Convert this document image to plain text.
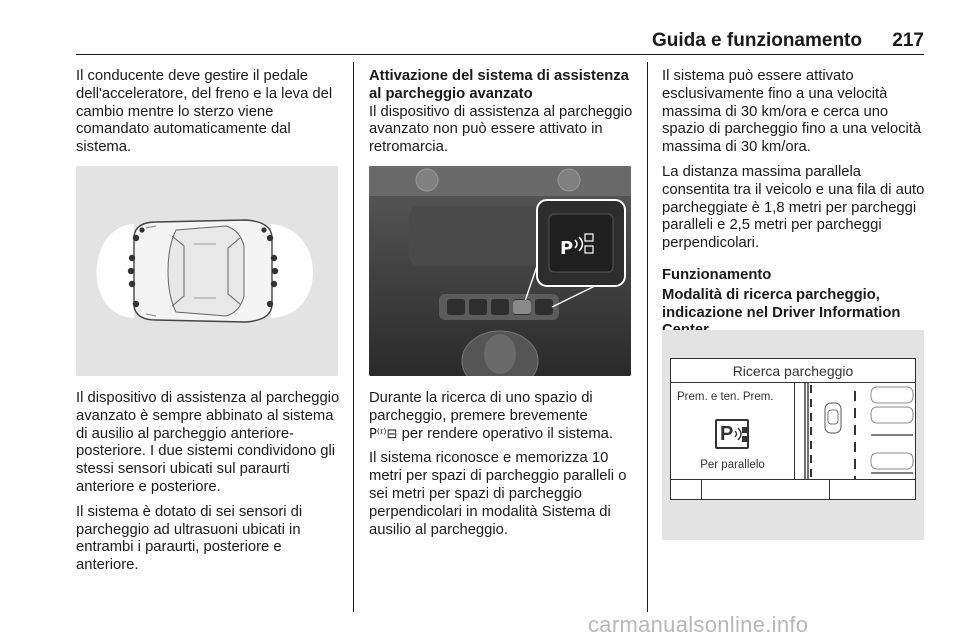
Guida e funzionamento 217

Il conducente deve gestire il pedale dell'acceleratore, del freno e la leva del cambio mentre lo sterzo viene comandato automaticamente dal sistema.

Il dispositivo di assistenza al parcheggio avanzato è sempre abbinato al sistema di ausilio al parcheggio anteriore-posteriore. I due sistemi condividono gli stessi sensori ubicati sul paraurti anteriore e posteriore.

Il sistema è dotato di sei sensori di parcheggio ad ultrasuoni ubicati in entrambi i paraurti, posteriore e anteriore.

Attivazione del sistema di assistenza al parcheggio avanzato

Il dispositivo di assistenza al parcheggio avanzato non può essere attivato in retromarcia.

P

Durante la ricerca di uno spazio di parcheggio, premere brevemente
P⁽ᶦ⁾⊟ per rendere operativo il sistema.

Il sistema riconosce e memorizza 10 metri per spazi di parcheggio paralleli o sei metri per spazi di parcheggio perpendicolari in modalità Sistema di ausilio al parcheggio.

Il sistema può essere attivato esclusivamente fino a una velocità massima di 30 km/ora e cerca uno spazio di parcheggio fino a una velocità massima di 30 km/ora.

La distanza massima parallela consentita tra il veicolo e una fila di auto parcheggiate è 1,8 metri per parcheggi paralleli e 2,5 metri per parcheggi perpendicolari.

Funzionamento
Modalità di ricerca parcheggio, indicazione nel Driver Information
Ricerca parcheggio
Prem. e ten. Prem.
P
Per parallelo
carmanualsonline.info
